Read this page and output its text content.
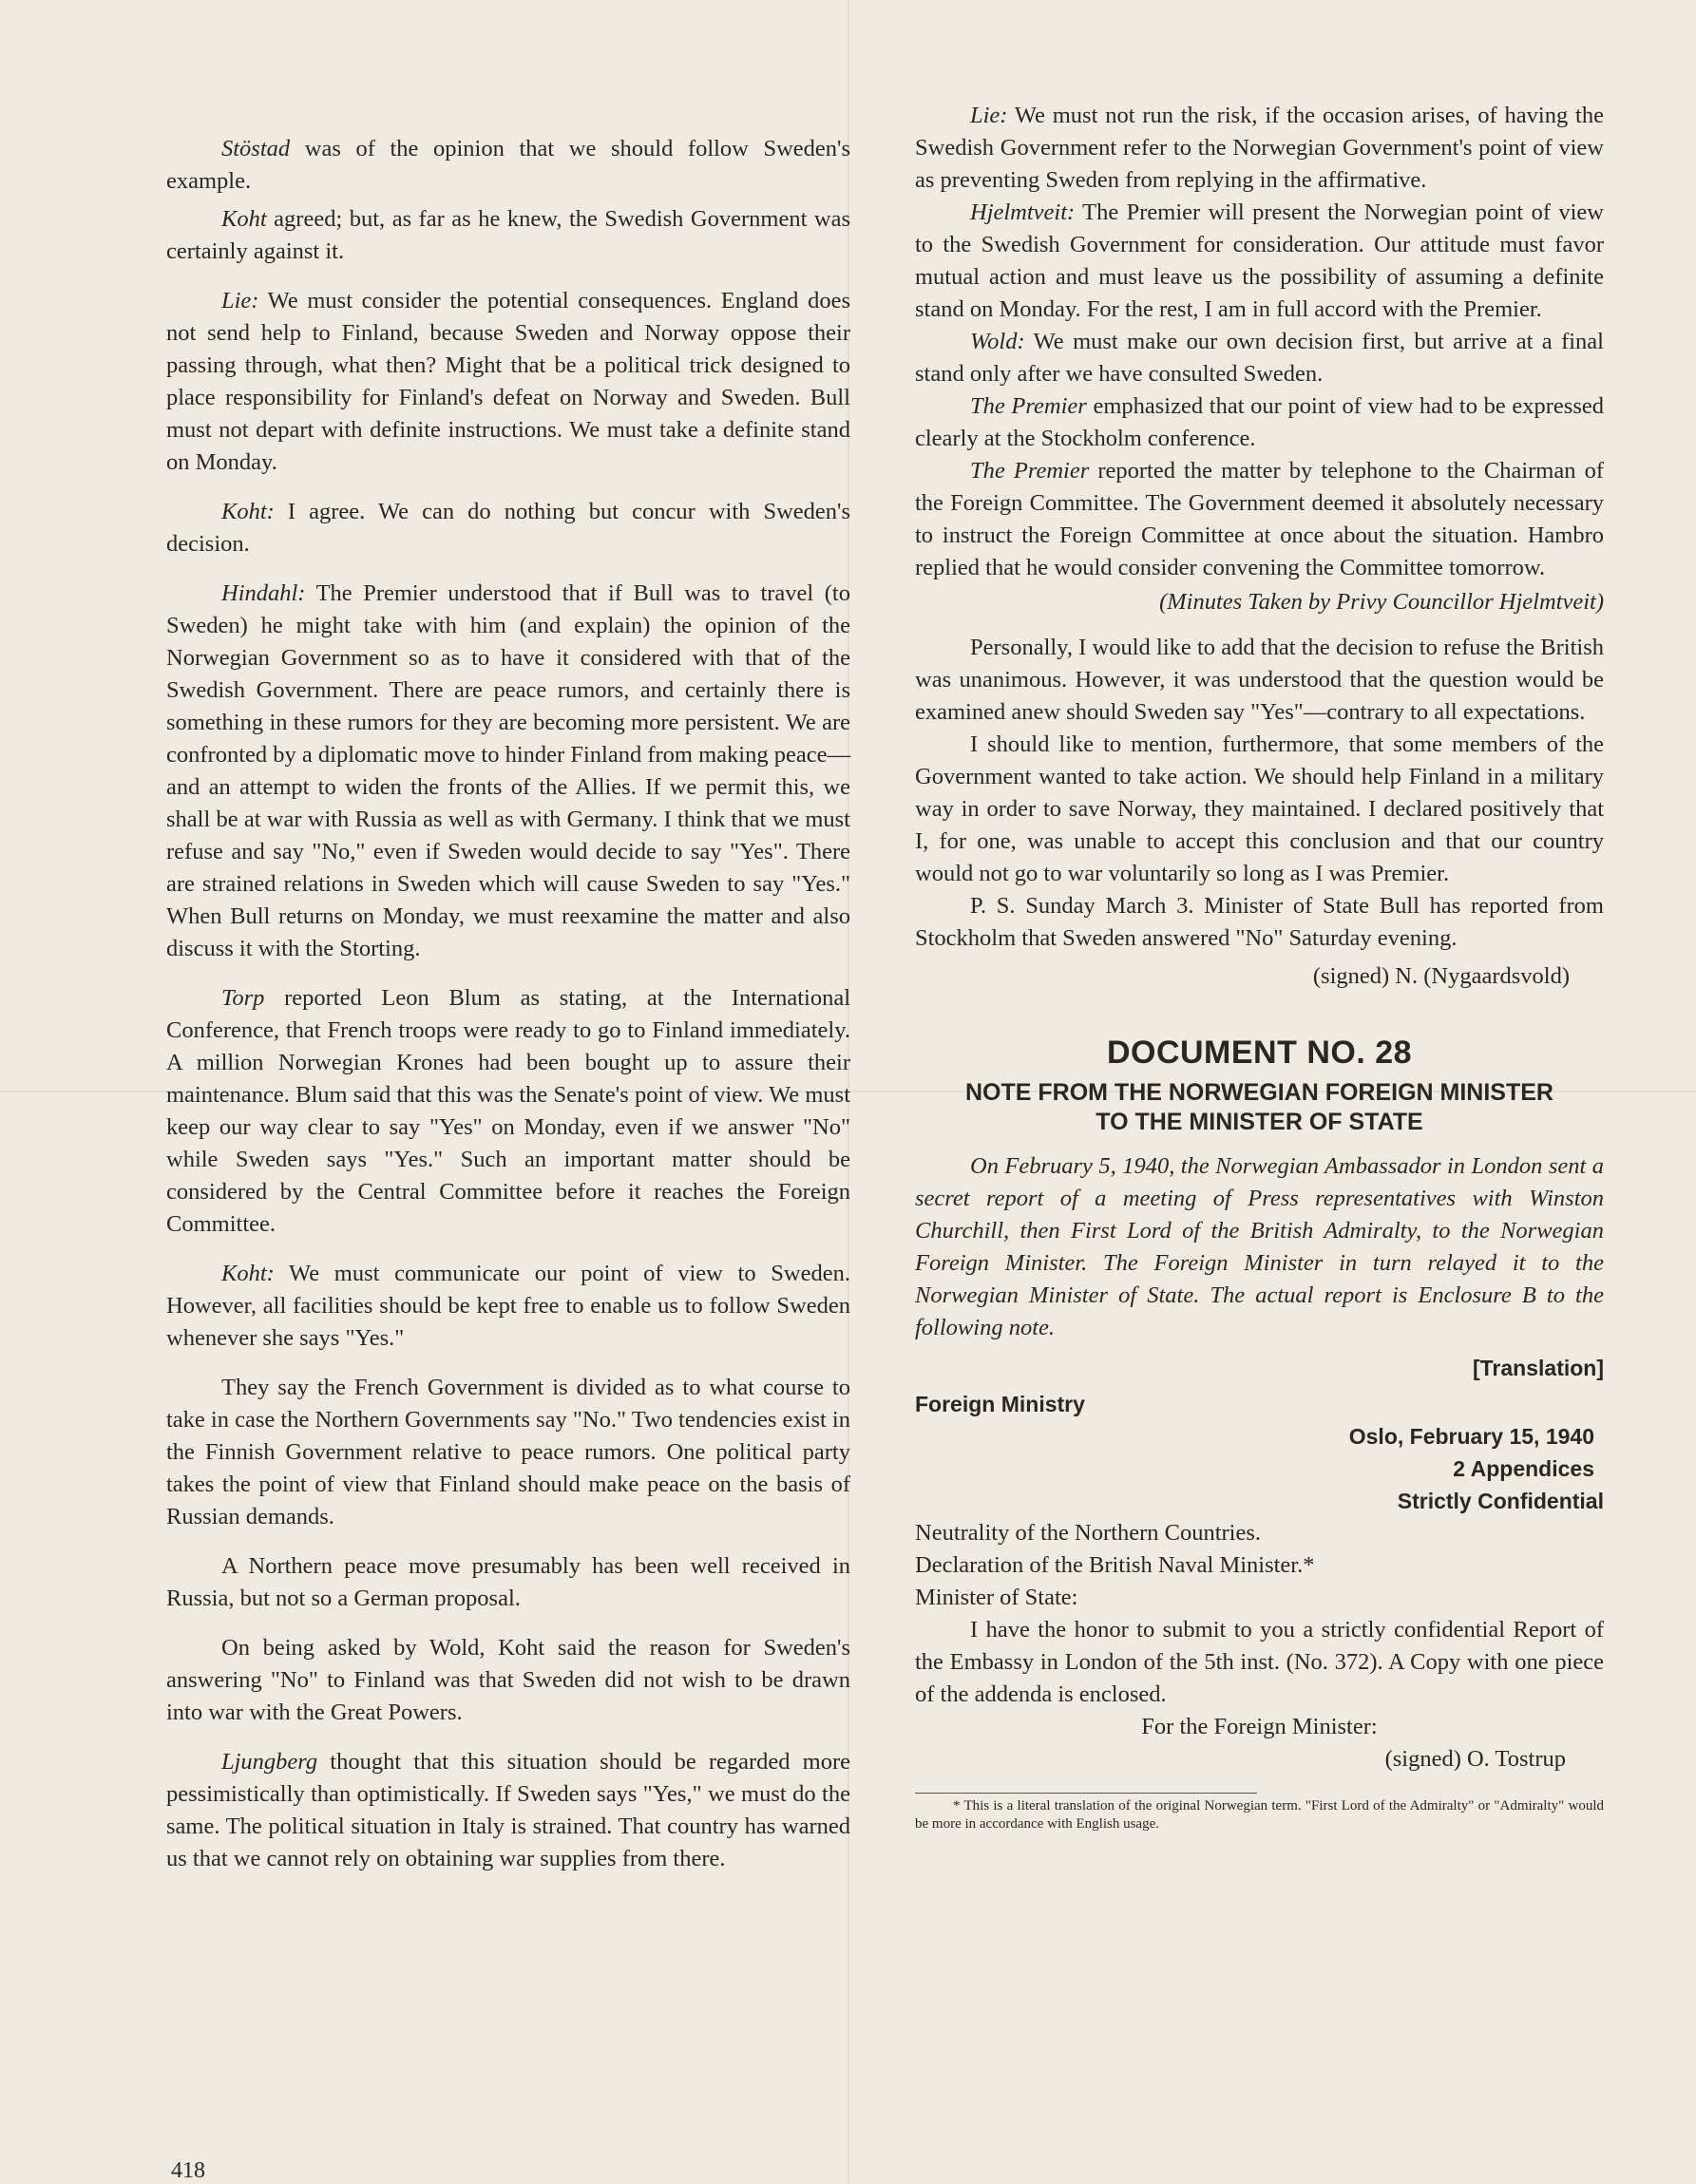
Stöstad was of the opinion that we should follow Sweden's example.

Koht agreed; but, as far as he knew, the Swedish Government was certainly against it.

Lie: We must consider the potential consequences. England does not send help to Finland, because Sweden and Norway oppose their passing through, what then? Might that be a political trick designed to place responsibility for Finland's defeat on Norway and Sweden. Bull must not depart with definite instructions. We must take a definite stand on Monday.

Koht: I agree. We can do nothing but concur with Sweden's decision.

Hindahl: The Premier understood that if Bull was to travel (to Sweden) he might take with him (and explain) the opinion of the Norwegian Government so as to have it considered with that of the Swedish Government. There are peace rumors, and certainly there is something in these rumors for they are becoming more persistent. We are confronted by a diplomatic move to hinder Finland from making peace—and an attempt to widen the fronts of the Allies. If we permit this, we shall be at war with Russia as well as with Germany. I think that we must refuse and say "No," even if Sweden would decide to say "Yes". There are strained relations in Sweden which will cause Sweden to say "Yes." When Bull returns on Monday, we must reexamine the matter and also discuss it with the Storting.

Torp reported Leon Blum as stating, at the International Conference, that French troops were ready to go to Finland immediately. A million Norwegian Krones had been bought up to assure their maintenance. Blum said that this was the Senate's point of view. We must keep our way clear to say "Yes" on Monday, even if we answer "No" while Sweden says "Yes." Such an important matter should be considered by the Central Committee before it reaches the Foreign Committee.

Koht: We must communicate our point of view to Sweden. However, all facilities should be kept free to enable us to follow Sweden whenever she says "Yes."

They say the French Government is divided as to what course to take in case the Northern Governments say "No." Two tendencies exist in the Finnish Government relative to peace rumors. One political party takes the point of view that Finland should make peace on the basis of Russian demands.

A Northern peace move presumably has been well received in Russia, but not so a German proposal.

On being asked by Wold, Koht said the reason for Sweden's answering "No" to Finland was that Sweden did not wish to be drawn into war with the Great Powers.

Ljungberg thought that this situation should be regarded more pessimistically than optimistically. If Sweden says "Yes," we must do the same. The political situation in Italy is strained. That country has warned us that we cannot rely on obtaining war supplies from there.

Lie: We must not run the risk, if the occasion arises, of having the Swedish Government refer to the Norwegian Government's point of view as preventing Sweden from replying in the affirmative.

Hjelmtveit: The Premier will present the Norwegian point of view to the Swedish Government for consideration. Our attitude must favor mutual action and must leave us the possibility of assuming a definite stand on Monday. For the rest, I am in full accord with the Premier.

Wold: We must make our own decision first, but arrive at a final stand only after we have consulted Sweden.

The Premier emphasized that our point of view had to be expressed clearly at the Stockholm conference.

The Premier reported the matter by telephone to the Chairman of the Foreign Committee. The Government deemed it absolutely necessary to instruct the Foreign Committee at once about the situation. Hambro replied that he would consider convening the Committee tomorrow.

(Minutes Taken by Privy Councillor Hjelmtveit)

Personally, I would like to add that the decision to refuse the British was unanimous. However, it was understood that the question would be examined anew should Sweden say "Yes"—contrary to all expectations.

I should like to mention, furthermore, that some members of the Government wanted to take action. We should help Finland in a military way in order to save Norway, they maintained. I declared positively that I, for one, was unable to accept this conclusion and that our country would not go to war voluntarily so long as I was Premier.

P. S. Sunday March 3. Minister of State Bull has reported from Stockholm that Sweden answered "No" Saturday evening.

(signed) N. (Nygaardsvold)

DOCUMENT NO. 28
NOTE FROM THE NORWEGIAN FOREIGN MINISTER
TO THE MINISTER OF STATE

On February 5, 1940, the Norwegian Ambassador in London sent a secret report of a meeting of Press representatives with Winston Churchill, then First Lord of the British Admiralty, to the Norwegian Foreign Minister. The Foreign Minister in turn relayed it to the Norwegian Minister of State. The actual report is Enclosure B to the following note.

[Translation]

Foreign Ministry

Oslo, February 15, 1940

2 Appendices

Strictly Confidential

Neutrality of the Northern Countries.

Declaration of the British Naval Minister.*

Minister of State:

I have the honor to submit to you a strictly confidential Report of the Embassy in London of the 5th inst. (No. 372). A Copy with one piece of the addenda is enclosed.

For the Foreign Minister:

(signed) O. Tostrup

* This is a literal translation of the original Norwegian term. "First Lord of the Admiralty" or "Admiralty" would be more in accordance with English usage.

418
